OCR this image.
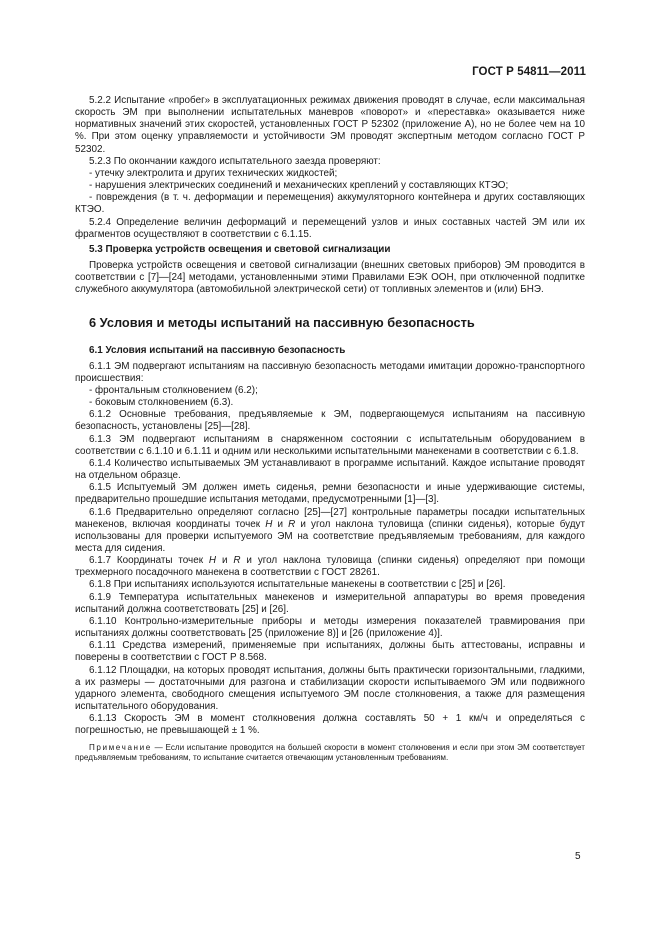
ГОСТ Р 54811—2011

5.2.2 Испытание «пробег» в эксплуатационных режимах движения проводят в случае, если максимальная скорость ЭМ при выполнении испытательных маневров «поворот» и «переставка» оказывается ниже нормативных значений этих скоростей, установленных ГОСТ Р 52302 (приложение А), но не более чем на 10 %. При этом оценку управляемости и устойчивости ЭМ проводят экспертным методом согласно ГОСТ Р 52302.

5.2.3 По окончании каждого испытательного заезда проверяют:

- утечку электролита и других технических жидкостей;

- нарушения электрических соединений и механических креплений у составляющих КТЭО;

- повреждения (в т. ч. деформации и перемещения) аккумуляторного контейнера и других составляющих КТЭО.

5.2.4 Определение величин деформаций и перемещений узлов и иных составных частей ЭМ или их фрагментов осуществляют в соответствии с 6.1.15.

5.3 Проверка устройств освещения и световой сигнализации

Проверка устройств освещения и световой сигнализации (внешних световых приборов) ЭМ проводится в соответствии с [7]—[24] методами, установленными этими Правилами ЕЭК ООН, при отключенной подпитке служебного аккумулятора (автомобильной электрической сети) от топливных элементов и (или) БНЭ.

6 Условия и методы испытаний на пассивную безопасность

6.1 Условия испытаний на пассивную безопасность

6.1.1 ЭМ подвергают испытаниям на пассивную безопасность методами имитации дорожно-транспортного происшествия:

- фронтальным столкновением (6.2);

- боковым столкновением (6.3).

6.1.2 Основные требования, предъявляемые к ЭМ, подвергающемуся испытаниям на пассивную безопасность, установлены [25]—[28].

6.1.3 ЭМ подвергают испытаниям в снаряженном состоянии с испытательным оборудованием в соответствии с 6.1.10 и 6.1.11 и одним или несколькими испытательными манекенами в соответствии с 6.1.8.

6.1.4 Количество испытываемых ЭМ устанавливают в программе испытаний. Каждое испытание проводят на отдельном образце.

6.1.5 Испытуемый ЭМ должен иметь сиденья, ремни безопасности и иные удерживающие системы, предварительно прошедшие испытания методами, предусмотренными [1]—[3].

6.1.6 Предварительно определяют согласно [25]—[27] контрольные параметры посадки испытательных манекенов, включая координаты точек H и R и угол наклона туловища (спинки сиденья), которые будут использованы для проверки испытуемого ЭМ на соответствие предъявляемым требованиям, для каждого места для сидения.

6.1.7 Координаты точек H и R и угол наклона туловища (спинки сиденья) определяют при помощи трехмерного посадочного манекена в соответствии с ГОСТ 28261.

6.1.8 При испытаниях используются испытательные манекены в соответствии с [25] и [26].

6.1.9 Температура испытательных манекенов и измерительной аппаратуры во время проведения испытаний должна соответствовать [25] и [26].

6.1.10 Контрольно-измерительные приборы и методы измерения показателей травмирования при испытаниях должны соответствовать [25 (приложение 8)] и [26 (приложение 4)].

6.1.11 Средства измерений, применяемые при испытаниях, должны быть аттестованы, исправны и поверены в соответствии с ГОСТ Р 8.568.

6.1.12 Площадки, на которых проводят испытания, должны быть практически горизонтальными, гладкими, а их размеры — достаточными для разгона и стабилизации скорости испытываемого ЭМ или подвижного ударного элемента, свободного смещения испытуемого ЭМ после столкновения, а также для размещения испытательного оборудования.

6.1.13 Скорость ЭМ в момент столкновения должна составлять 50 + 1 км/ч и определяться с погрешностью, не превышающей ± 1 %.

Примечание — Если испытание проводится на большей скорости в момент столкновения и если при этом ЭМ соответствует предъявляемым требованиям, то испытание считается отвечающим установленным требованиям.

5
